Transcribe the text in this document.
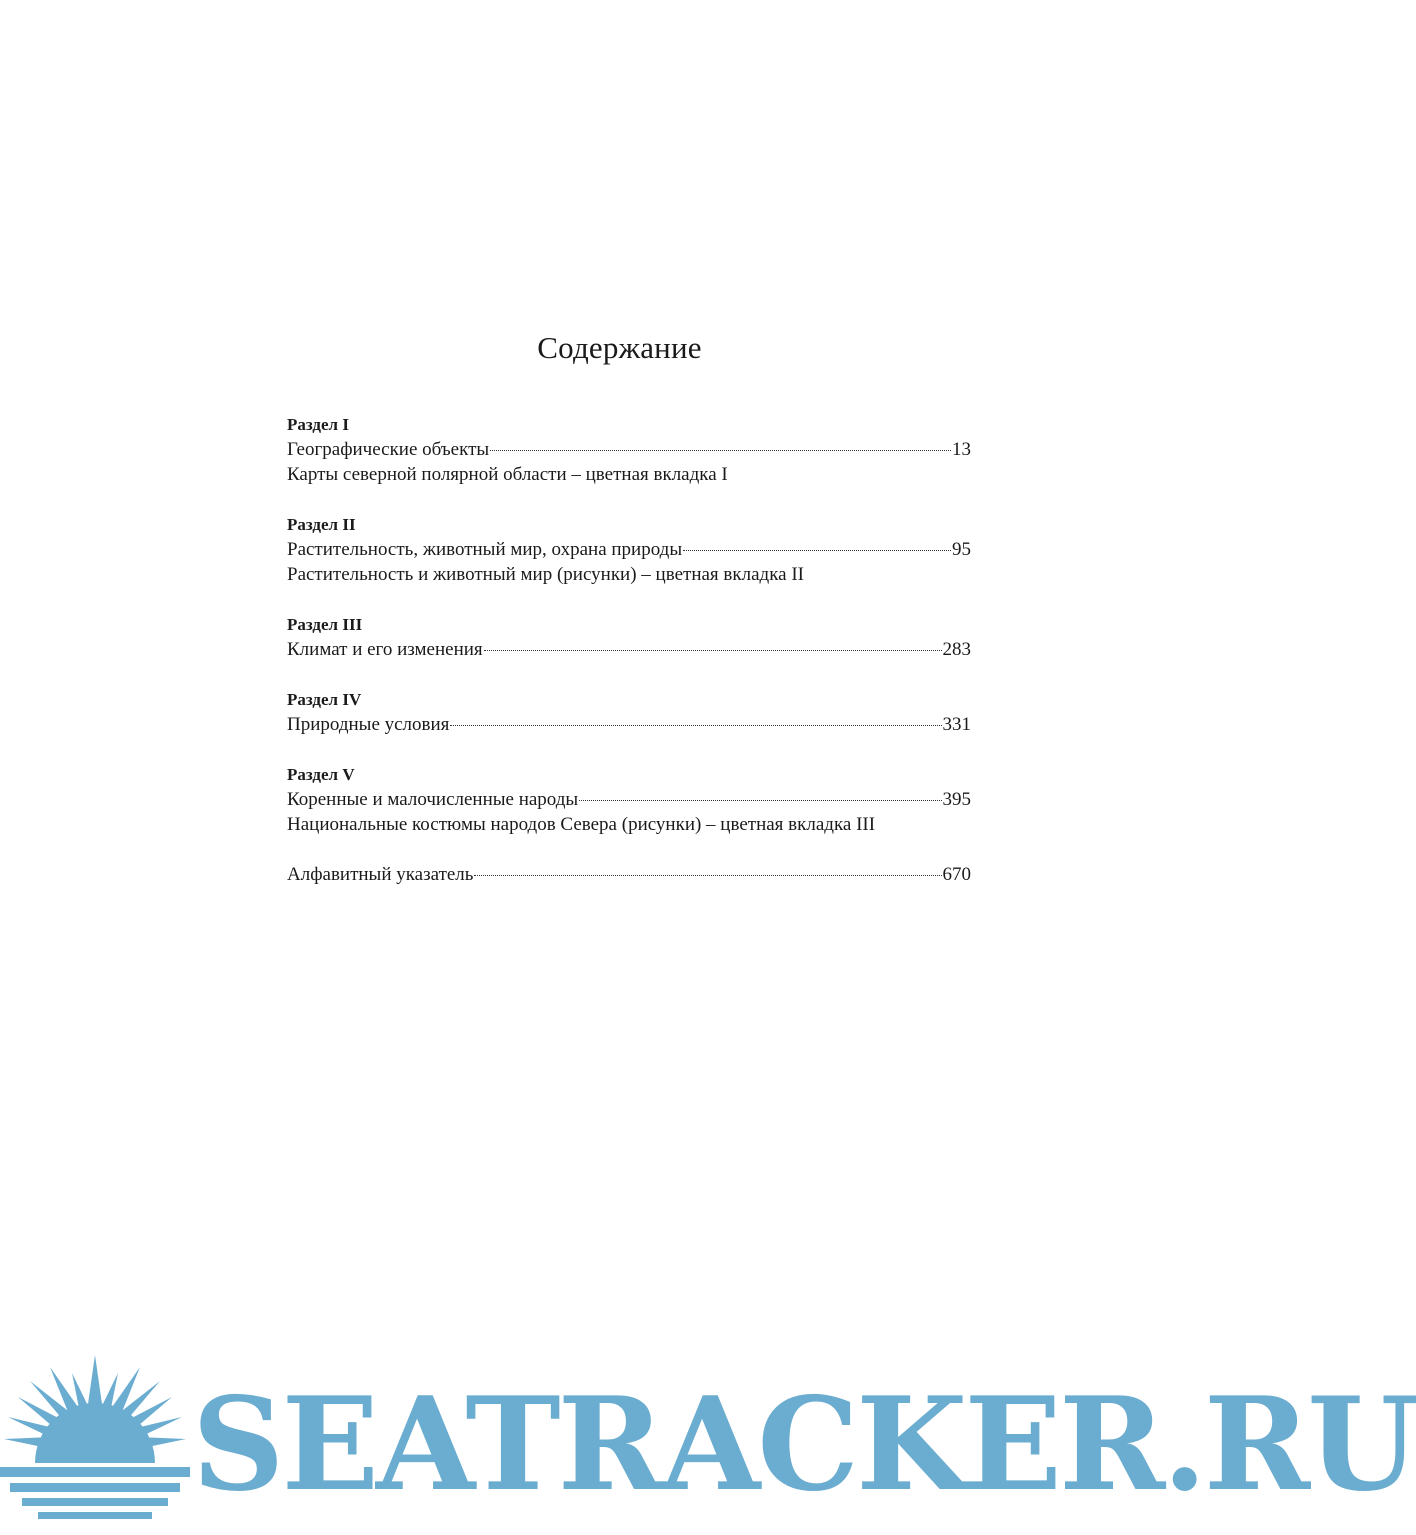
Содержание
Раздел I
Географические объекты	13
Карты северной полярной области – цветная вкладка I
Раздел II
Растительность, животный мир, охрана природы	95
Растительность и животный мир (рисунки) – цветная вкладка II
Раздел III
Климат и его изменения	283
Раздел IV
Природные условия	331
Раздел V
Коренные и малочисленные народы	395
Национальные костюмы народов Севера (рисунки) – цветная вкладка III
Алфавитный указатель	670
SEATRACKER.RU
